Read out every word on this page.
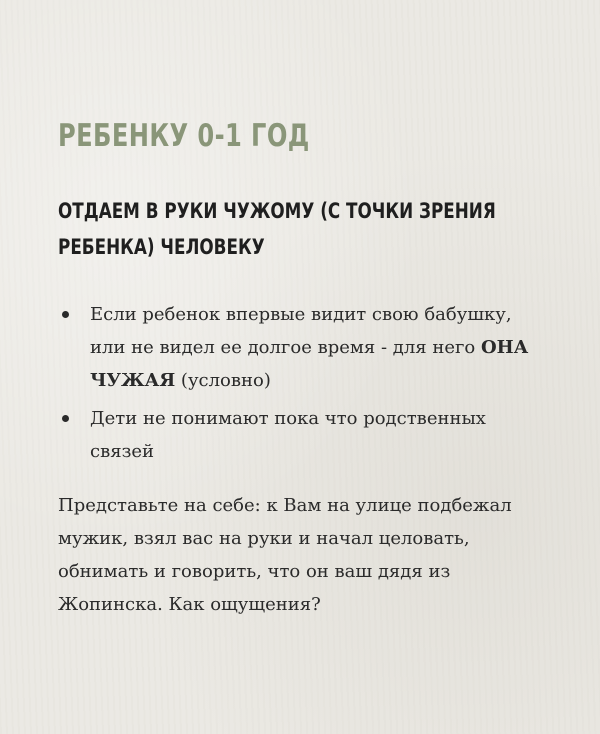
РЕБЕНКУ 0-1 ГОД
ОТДАЕМ В РУКИ ЧУЖОМУ (С ТОЧКИ ЗРЕНИЯ РЕБЕНКА) ЧЕЛОВЕКУ
Если ребенок впервые видит свою бабушку, или не видел ее долгое время - для него ОНА ЧУЖАЯ (условно)
Дети не понимают пока что родственных связей

Представьте на себе: к Вам на улице подбежал мужик, взял вас на руки и начал целовать, обнимать и говорить, что он ваш дядя из Жопинска. Как ощущения?
